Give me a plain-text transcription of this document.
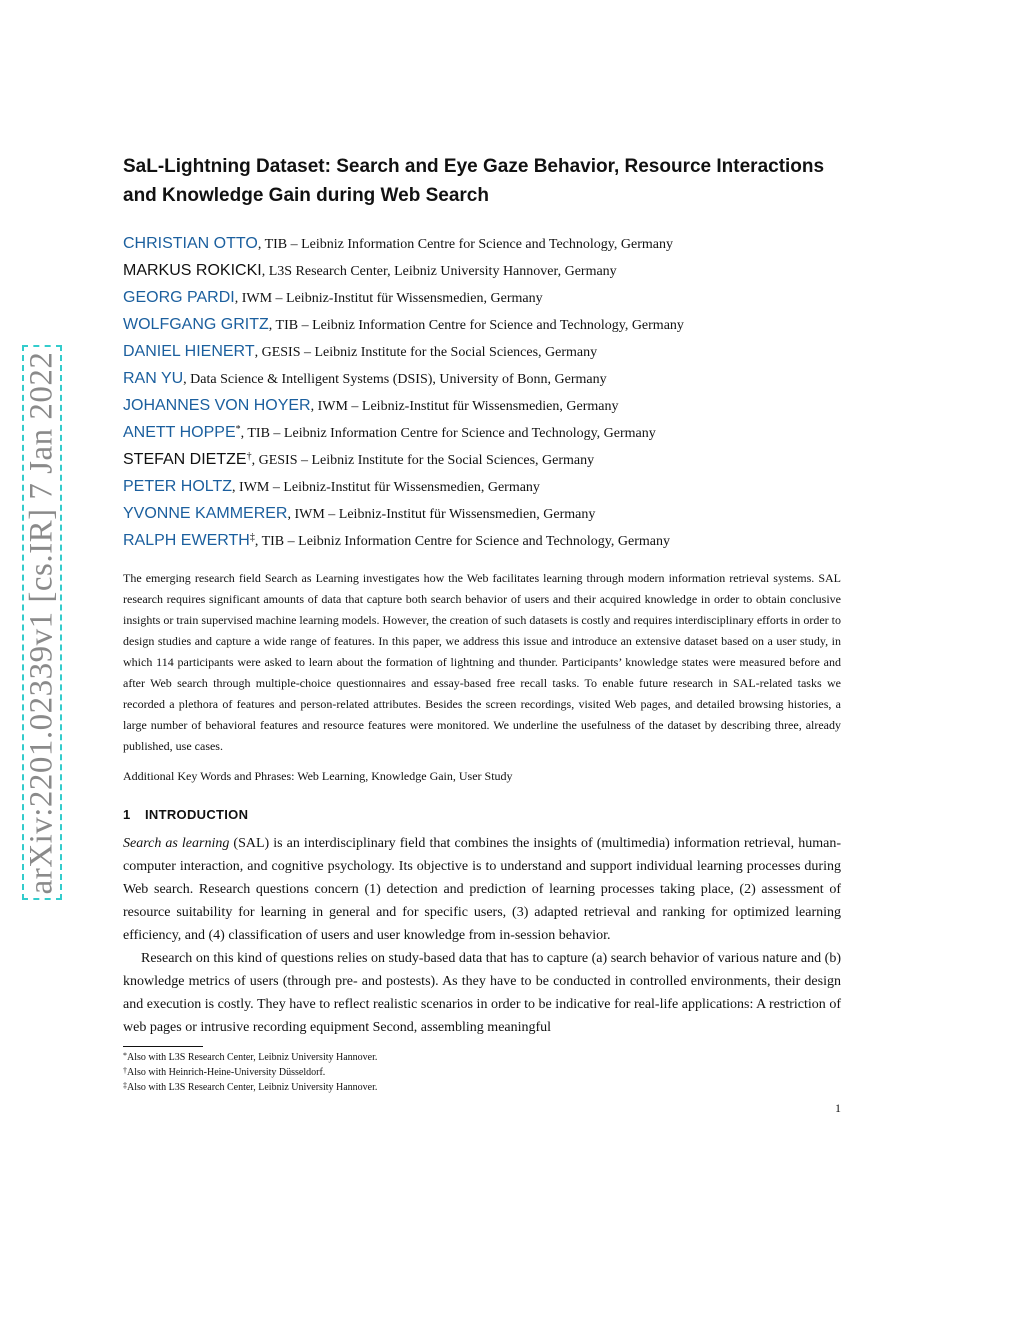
arXiv:2201.02339v1 [cs.IR] 7 Jan 2022
SaL-Lightning Dataset: Search and Eye Gaze Behavior, Resource Interactions and Knowledge Gain during Web Search
CHRISTIAN OTTO, TIB – Leibniz Information Centre for Science and Technology, Germany
MARKUS ROKICKI, L3S Research Center, Leibniz University Hannover, Germany
GEORG PARDI, IWM – Leibniz-Institut für Wissensmedien, Germany
WOLFGANG GRITZ, TIB – Leibniz Information Centre for Science and Technology, Germany
DANIEL HIENERT, GESIS – Leibniz Institute for the Social Sciences, Germany
RAN YU, Data Science & Intelligent Systems (DSIS), University of Bonn, Germany
JOHANNES VON HOYER, IWM – Leibniz-Institut für Wissensmedien, Germany
ANETT HOPPE*, TIB – Leibniz Information Centre for Science and Technology, Germany
STEFAN DIETZE†, GESIS – Leibniz Institute for the Social Sciences, Germany
PETER HOLTZ, IWM – Leibniz-Institut für Wissensmedien, Germany
YVONNE KAMMERER, IWM – Leibniz-Institut für Wissensmedien, Germany
RALPH EWERTH‡, TIB – Leibniz Information Centre for Science and Technology, Germany

The emerging research field Search as Learning investigates how the Web facilitates learning through modern information retrieval systems. SAL research requires significant amounts of data that capture both search behavior of users and their acquired knowledge in order to obtain conclusive insights or train supervised machine learning models. However, the creation of such datasets is costly and requires interdisciplinary efforts in order to design studies and capture a wide range of features. In this paper, we address this issue and introduce an extensive dataset based on a user study, in which 114 participants were asked to learn about the formation of lightning and thunder. Participants’ knowledge states were measured before and after Web search through multiple-choice questionnaires and essay-based free recall tasks. To enable future research in SAL-related tasks we recorded a plethora of features and person-related attributes. Besides the screen recordings, visited Web pages, and detailed browsing histories, a large number of behavioral features and resource features were monitored. We underline the usefulness of the dataset by describing three, already published, use cases.

Additional Key Words and Phrases: Web Learning, Knowledge Gain, User Study

1 INTRODUCTION

Search as learning (SAL) is an interdisciplinary field that combines the insights of (multimedia) information retrieval, human-computer interaction, and cognitive psychology. Its objective is to understand and support individual learning processes during Web search. Research questions concern (1) detection and prediction of learning processes taking place, (2) assessment of resource suitability for learning in general and for specific users, (3) adapted retrieval and ranking for optimized learning efficiency, and (4) classification of users and user knowledge from in-session behavior.

Research on this kind of questions relies on study-based data that has to capture (a) search behavior of various nature and (b) knowledge metrics of users (through pre- and postests). As they have to be conducted in controlled environments, their design and execution is costly. They have to reflect realistic scenarios in order to be indicative for real-life applications: A restriction of web pages or intrusive recording equipment Second, assembling meaningful

*Also with L3S Research Center, Leibniz University Hannover.
†Also with Heinrich-Heine-University Düsseldorf.
‡Also with L3S Research Center, Leibniz University Hannover.
1
